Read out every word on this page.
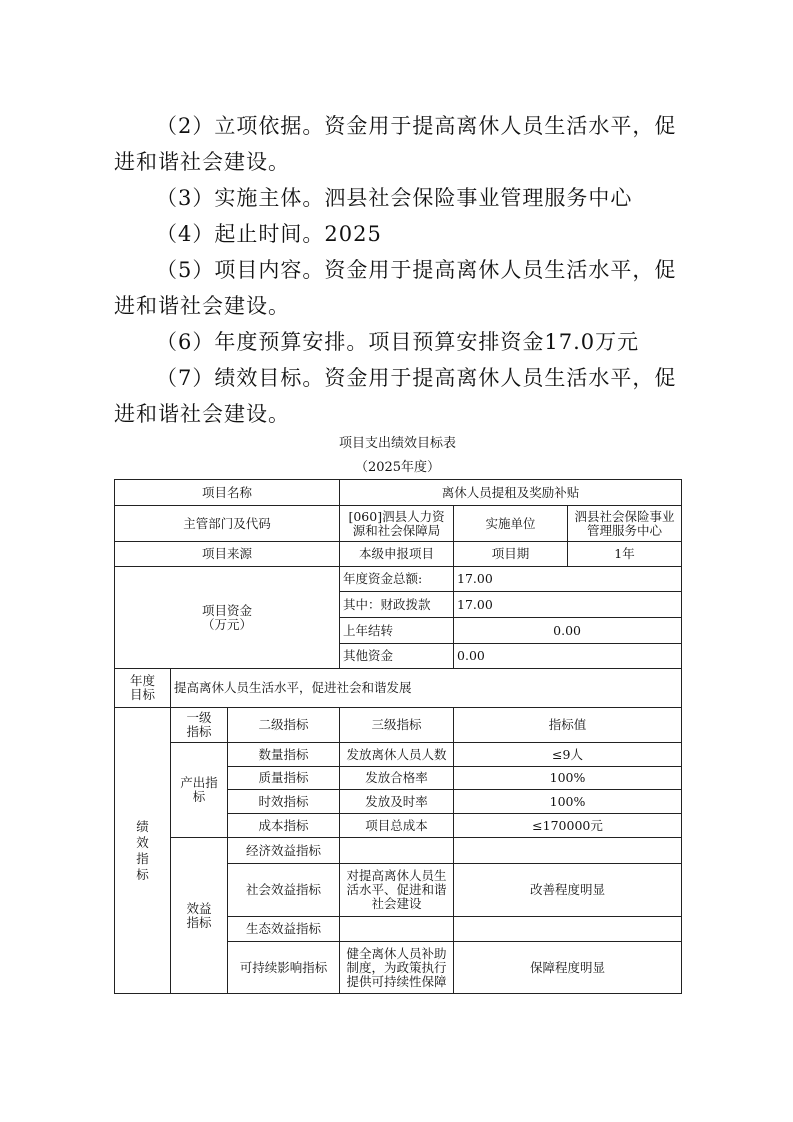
（2）立项依据。资金用于提高离休人员生活水平，促进和谐社会建设。

（3）实施主体。泗县社会保险事业管理服务中心

（4）起止时间。2025

（5）项目内容。资金用于提高离休人员生活水平，促进和谐社会建设。

（6）年度预算安排。项目预算安排资金17.0万元

（7）绩效目标。资金用于提高离休人员生活水平，促进和谐社会建设。

项目支出绩效目标表

（2025年度）

项目名称			离休人员提租及奖励补贴		
主管部门及代码			[060]泗县人力资源和社会保障局	实施单位	泗县社会保险事业管理服务中心
项目来源			本级申报项目	项目期	1年
项目资金（万元）			年度资金总额:	17.00	
			其中：财政拨款	17.00	
			上年结转	0.00	
			其他资金	0.00	
年度目标	提高离休人员生活水平，促进社会和谐发展				
绩效指标	一级指标	二级指标	三级指标	指标值	
	产出指标	数量指标	发放离休人员人数	≤9人	
		质量指标	发放合格率	100%	
		时效指标	发放及时率	100%	
		成本指标	项目总成本	≤170000元	
	效益指标	经济效益指标			
		社会效益指标	对提高离休人员生活水平、促进和谐社会建设	改善程度明显	
		生态效益指标			
		可持续影响指标	健全离休人员补助制度，为政策执行提供可持续性保障	保障程度明显	
